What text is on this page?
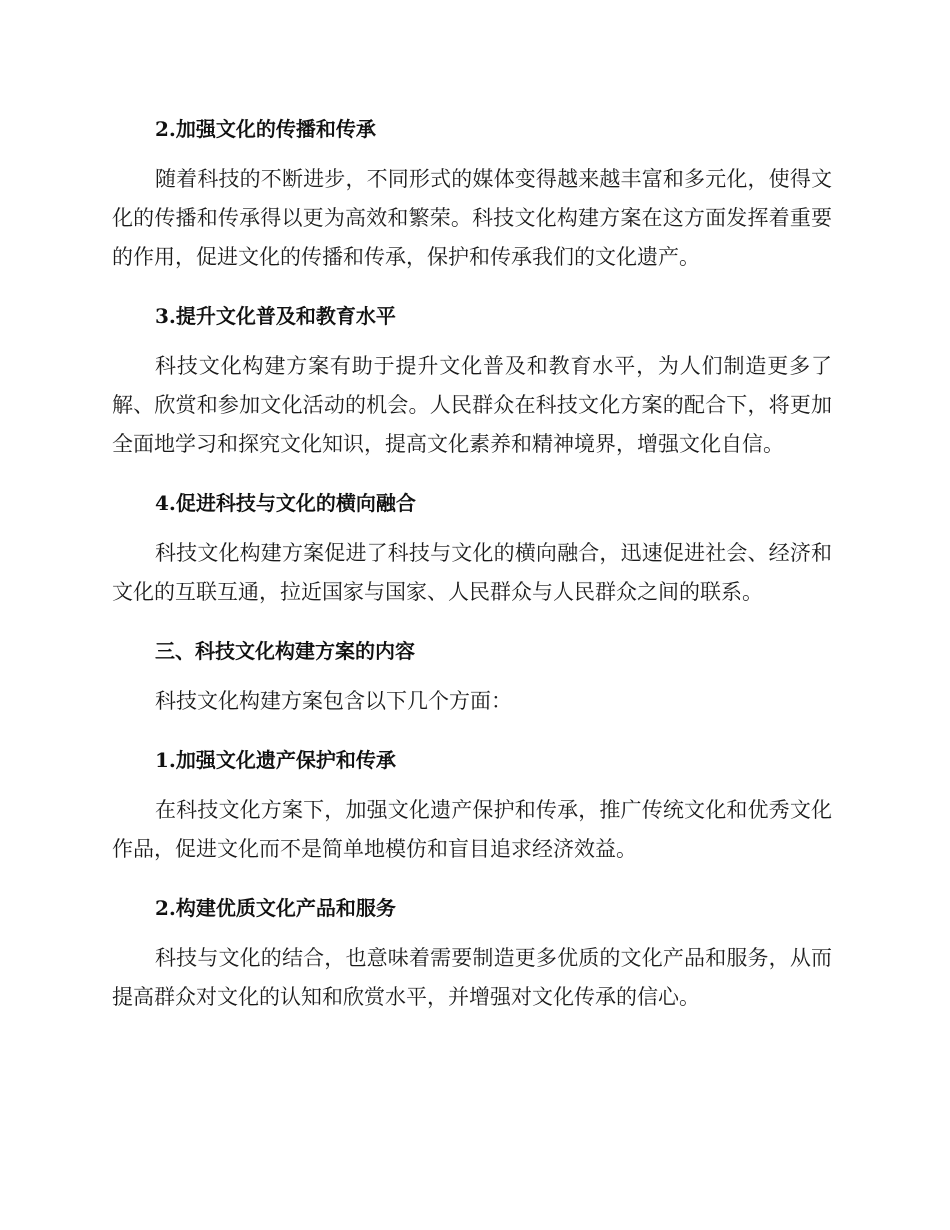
2.加强文化的传播和传承

随着科技的不断进步，不同形式的媒体变得越来越丰富和多元化，使得文化的传播和传承得以更为高效和繁荣。科技文化构建方案在这方面发挥着重要的作用，促进文化的传播和传承，保护和传承我们的文化遗产。

3.提升文化普及和教育水平

科技文化构建方案有助于提升文化普及和教育水平，为人们制造更多了解、欣赏和参加文化活动的机会。人民群众在科技文化方案的配合下，将更加全面地学习和探究文化知识，提高文化素养和精神境界，增强文化自信。

4.促进科技与文化的横向融合

科技文化构建方案促进了科技与文化的横向融合，迅速促进社会、经济和文化的互联互通，拉近国家与国家、人民群众与人民群众之间的联系。

三、科技文化构建方案的内容

科技文化构建方案包含以下几个方面：

1.加强文化遗产保护和传承

在科技文化方案下，加强文化遗产保护和传承，推广传统文化和优秀文化作品，促进文化而不是简单地模仿和盲目追求经济效益。

2.构建优质文化产品和服务

科技与文化的结合，也意味着需要制造更多优质的文化产品和服务，从而提高群众对文化的认知和欣赏水平，并增强对文化传承的信心。
